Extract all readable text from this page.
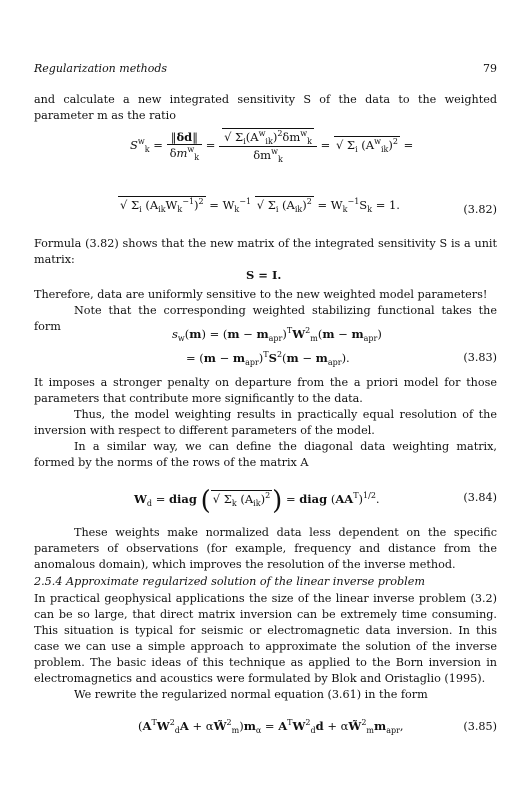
Regularization methods	79
and calculate a new integrated sensitivity S of the data to the weighted parameter m as the ratio
$S^w_k = \frac{‖\delta d‖}{\delta m^w_k} = \frac{√ \Sigma_i(A^w_{ik})^2\delta m^w_k}{\delta m^w_k}$ = √ $\Sigma_i$ $(A^w_{ik})^2$ =
√ $\Sigma_i$ $(A_{ik}W_k^{-1})^2 = W_k^{-1}$ √ $\Sigma_i$ $(A_{ik})^2 = W_k^{-1}S_k = 1$.	(3.82)
Formula (3.82) shows that the new matrix of the integrated sensitivity S is a unit matrix:
S = I.
Therefore, data are uniformly sensitive to the new weighted model parameters!
Note that the corresponding weighted stabilizing functional takes the form
$s_w(m) = (m - m_{apr})^TW^2_m(m - m_{apr})$
= $(m - m_{apr})^TS^2(m - m_{apr})$.	(3.83)
It imposes a stronger penalty on departure from the a priori model for those parameters that contribute more significantly to the data.
Thus, the model weighting results in practically equal resolution of the inversion with respect to different parameters of the model.
In a similar way, we can define the diagonal data weighting matrix, formed by the norms of the rows of the matrix A
$W_d$ = diag ( √ $\Sigma_k$ $(A_{ik})^2$) = diag $(AA^T)^{1/2}$.	(3.84)
These weights make normalized data less dependent on the specific parameters of observations (for example, frequency and distance from the anomalous domain), which improves the resolution of the inverse method.
2.5.4 Approximate regularized solution of the linear inverse problem
In practical geophysical applications the size of the linear inverse problem (3.2) can be so large, that direct matrix inversion can be extremely time consuming. This situation is typical for seismic or electromagnetic data inversion. In this case we can use a simple approach to approximate the solution of the inverse problem. The basic ideas of this technique as applied to the Born inversion in electromagnetics and acoustics were formulated by Blok and Oristaglio (1995).
We rewrite the regularized normal equation (3.61) in the form
($A^TW^2_dA$ + $\alpha W̃^2_m)m_\alpha = A^TW^2_dd$ + $\alpha W̃^2_mm_{apr}$,	(3.85)
